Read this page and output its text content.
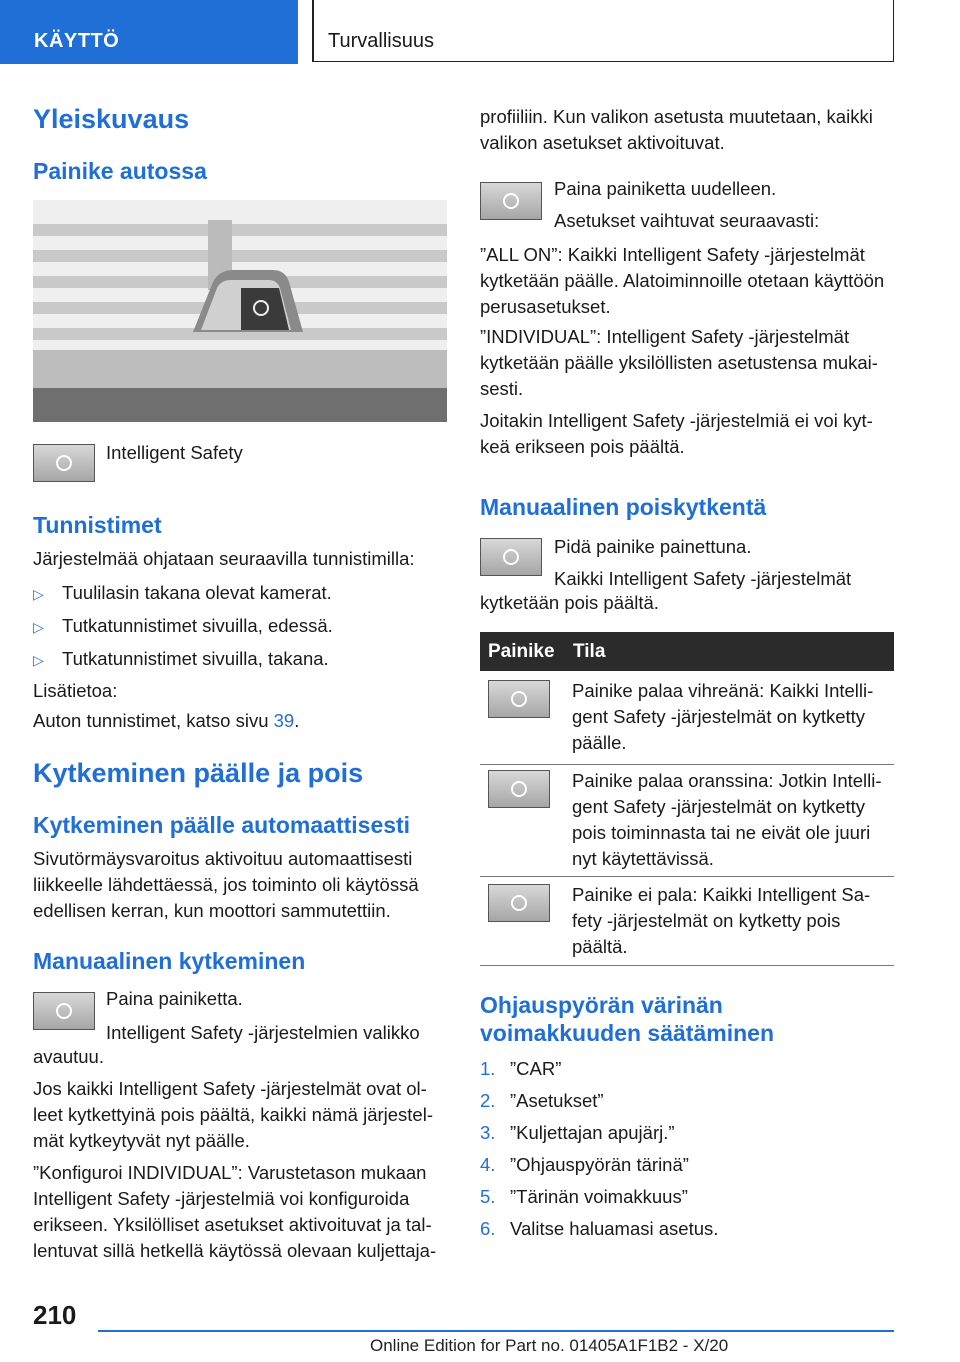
KÄYTTÖ	Turvallisuus
Yleiskuvaus
Painike autossa
Intelligent Safety
Tunnistimet
Järjestelmää ohjataan seuraavilla tunnistimilla:
▷ Tuulilasin takana olevat kamerat.
▷ Tutkatunnistimet sivuilla, edessä.
▷ Tutkatunnistimet sivuilla, takana.
Lisätietoa:
Auton tunnistimet, katso sivu 39.
Kytkeminen päälle ja pois
Kytkeminen päälle automaattisesti
Sivutörmäysvaroitus aktivoituu automaattisesti
liikkeelle lähdettäessä, jos toiminto oli käytössä
edellisen kerran, kun moottori sammutettiin.
Manuaalinen kytkeminen
Paina painiketta.
Intelligent Safety -järjestelmien valikko
avautuu.
Jos kaikki Intelligent Safety -järjestelmät ovat ol-
leet kytkettyinä pois päältä, kaikki nämä järjestel-
mät kytkeytyvät nyt päälle.
”Konfiguroi INDIVIDUAL”: Varustetason mukaan
Intelligent Safety -järjestelmiä voi konfiguroida
erikseen. Yksilölliset asetukset aktivoituvat ja tal-
lentuvat sillä hetkellä käytössä olevaan kuljettaja-
profiiliin. Kun valikon asetusta muutetaan, kaikki
valikon asetukset aktivoituvat.
Paina painiketta uudelleen.
Asetukset vaihtuvat seuraavasti:
”ALL ON”: Kaikki Intelligent Safety -järjestelmät
kytketään päälle. Alatoiminnoille otetaan käyttöön
perusasetukset.
”INDIVIDUAL”: Intelligent Safety -järjestelmät
kytketään päälle yksilöllisten asetustensa mukai-
sesti.
Joitakin Intelligent Safety -järjestelmiä ei voi kyt-
keä erikseen pois päältä.
Manuaalinen poiskytkentä
Pidä painike painettuna.
Kaikki Intelligent Safety -järjestelmät
kytketään pois päältä.
Painike Tila
Painike palaa vihreänä: Kaikki Intelli-
gent Safety -järjestelmät on kytketty
päälle.
Painike palaa oranssina: Jotkin Intelli-
gent Safety -järjestelmät on kytketty
pois toiminnasta tai ne eivät ole juuri
nyt käytettävissä.
Painike ei pala: Kaikki Intelligent Sa-
fety -järjestelmät on kytketty pois
päältä.
Ohjauspyörän värinän
voimakkuuden säätäminen
1. ”CAR”
2. ”Asetukset”
3. ”Kuljettajan apujärj.”
4. ”Ohjauspyörän tärinä”
5. ”Tärinän voimakkuus”
6. Valitse haluamasi asetus.
210
Online Edition for Part no. 01405A1F1B2 - X/20
